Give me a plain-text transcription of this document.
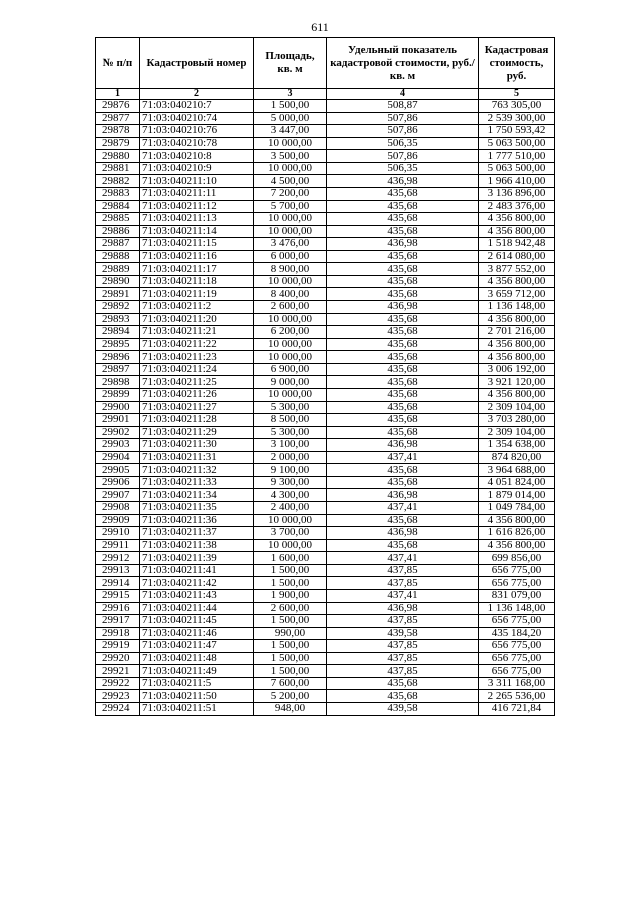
611
№ п/п	Кадастровый номер	Площадь, кв. м	Удельный показатель кадастровой стоимости, руб./кв. м	Кадастровая стоимость, руб.
1	2	3	4	5
29876	71:03:040210:7	1 500,00	508,87	763 305,00
29877	71:03:040210:74	5 000,00	507,86	2 539 300,00
29878	71:03:040210:76	3 447,00	507,86	1 750 593,42
29879	71:03:040210:78	10 000,00	506,35	5 063 500,00
29880	71:03:040210:8	3 500,00	507,86	1 777 510,00
29881	71:03:040210:9	10 000,00	506,35	5 063 500,00
29882	71:03:040211:10	4 500,00	436,98	1 966 410,00
29883	71:03:040211:11	7 200,00	435,68	3 136 896,00
29884	71:03:040211:12	5 700,00	435,68	2 483 376,00
29885	71:03:040211:13	10 000,00	435,68	4 356 800,00
29886	71:03:040211:14	10 000,00	435,68	4 356 800,00
29887	71:03:040211:15	3 476,00	436,98	1 518 942,48
29888	71:03:040211:16	6 000,00	435,68	2 614 080,00
29889	71:03:040211:17	8 900,00	435,68	3 877 552,00
29890	71:03:040211:18	10 000,00	435,68	4 356 800,00
29891	71:03:040211:19	8 400,00	435,68	3 659 712,00
29892	71:03:040211:2	2 600,00	436,98	1 136 148,00
29893	71:03:040211:20	10 000,00	435,68	4 356 800,00
29894	71:03:040211:21	6 200,00	435,68	2 701 216,00
29895	71:03:040211:22	10 000,00	435,68	4 356 800,00
29896	71:03:040211:23	10 000,00	435,68	4 356 800,00
29897	71:03:040211:24	6 900,00	435,68	3 006 192,00
29898	71:03:040211:25	9 000,00	435,68	3 921 120,00
29899	71:03:040211:26	10 000,00	435,68	4 356 800,00
29900	71:03:040211:27	5 300,00	435,68	2 309 104,00
29901	71:03:040211:28	8 500,00	435,68	3 703 280,00
29902	71:03:040211:29	5 300,00	435,68	2 309 104,00
29903	71:03:040211:30	3 100,00	436,98	1 354 638,00
29904	71:03:040211:31	2 000,00	437,41	874 820,00
29905	71:03:040211:32	9 100,00	435,68	3 964 688,00
29906	71:03:040211:33	9 300,00	435,68	4 051 824,00
29907	71:03:040211:34	4 300,00	436,98	1 879 014,00
29908	71:03:040211:35	2 400,00	437,41	1 049 784,00
29909	71:03:040211:36	10 000,00	435,68	4 356 800,00
29910	71:03:040211:37	3 700,00	436,98	1 616 826,00
29911	71:03:040211:38	10 000,00	435,68	4 356 800,00
29912	71:03:040211:39	1 600,00	437,41	699 856,00
29913	71:03:040211:41	1 500,00	437,85	656 775,00
29914	71:03:040211:42	1 500,00	437,85	656 775,00
29915	71:03:040211:43	1 900,00	437,41	831 079,00
29916	71:03:040211:44	2 600,00	436,98	1 136 148,00
29917	71:03:040211:45	1 500,00	437,85	656 775,00
29918	71:03:040211:46	990,00	439,58	435 184,20
29919	71:03:040211:47	1 500,00	437,85	656 775,00
29920	71:03:040211:48	1 500,00	437,85	656 775,00
29921	71:03:040211:49	1 500,00	437,85	656 775,00
29922	71:03:040211:5	7 600,00	435,68	3 311 168,00
29923	71:03:040211:50	5 200,00	435,68	2 265 536,00
29924	71:03:040211:51	948,00	439,58	416 721,84
